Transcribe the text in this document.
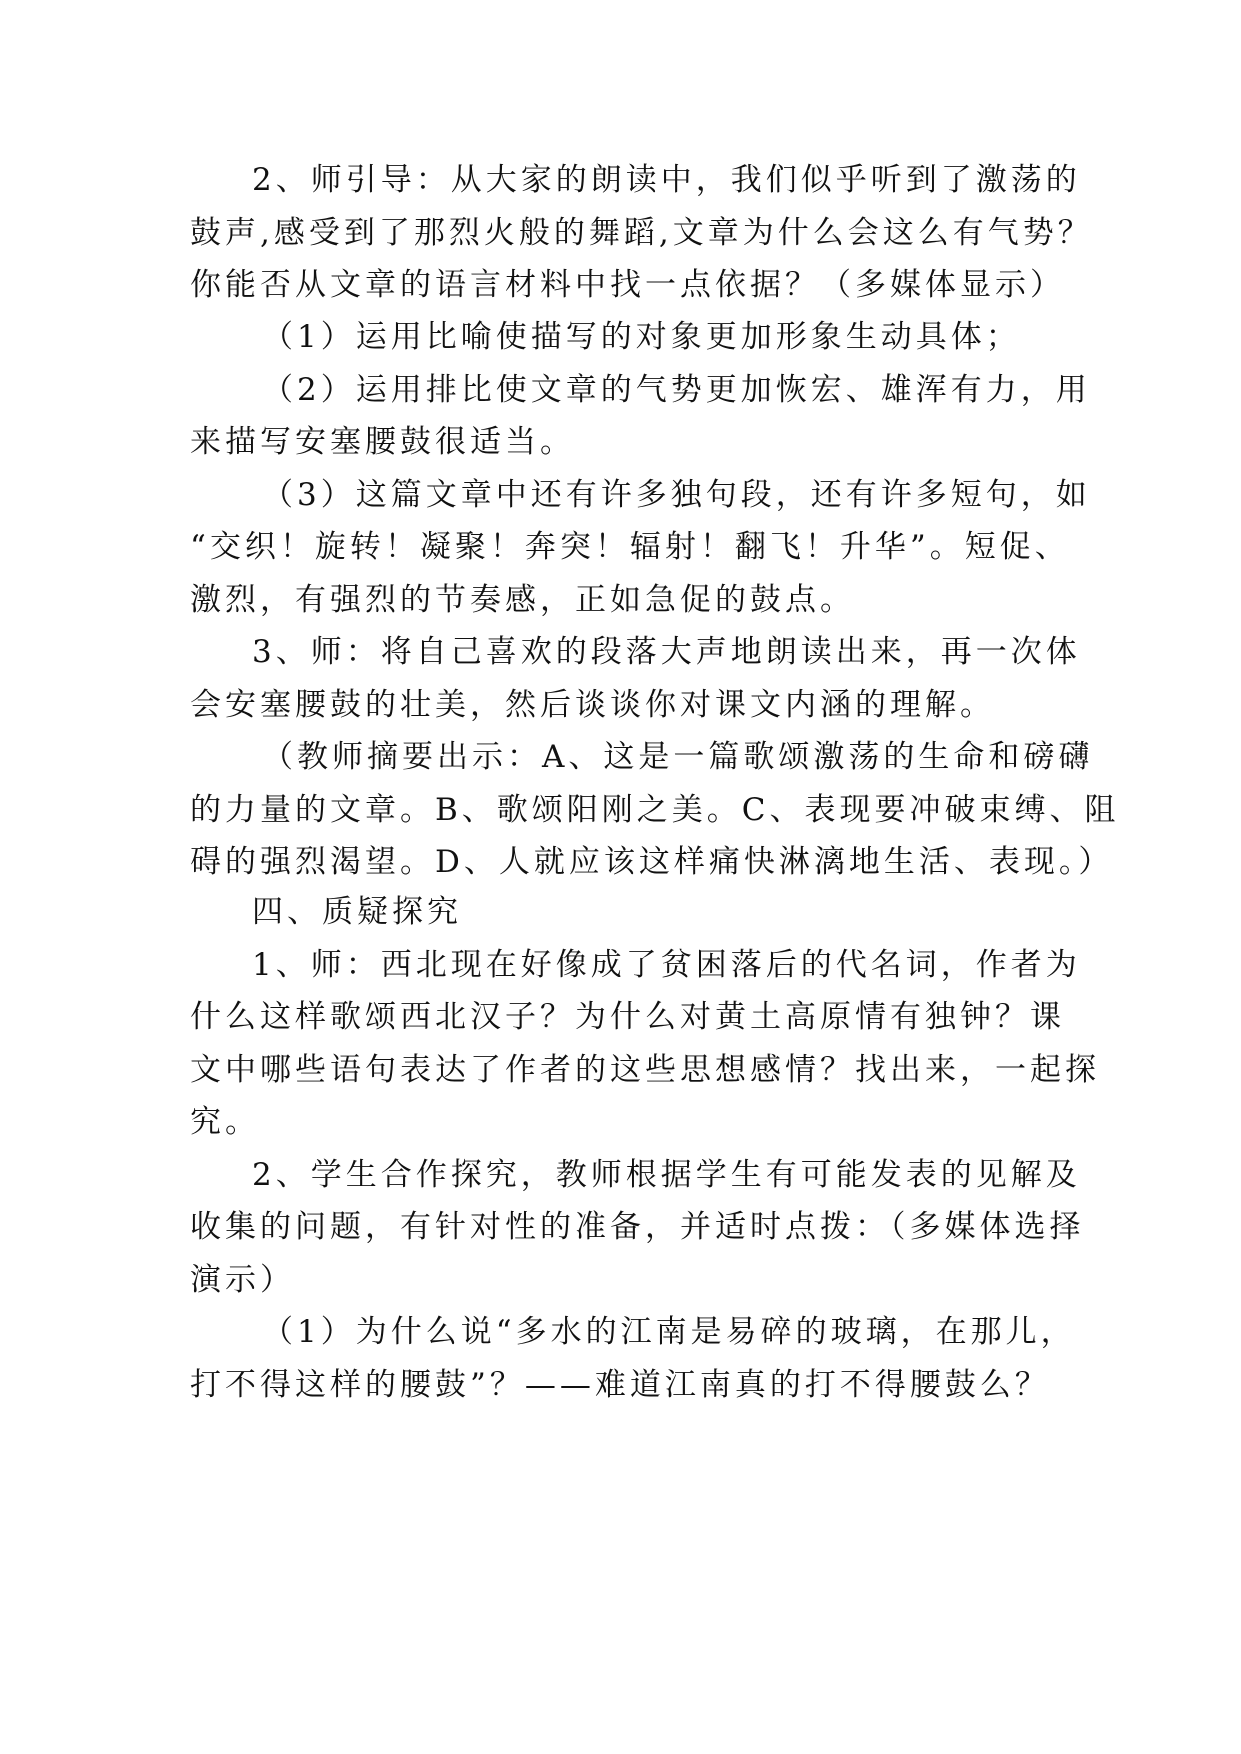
2、师引导：从大家的朗读中，我们似乎听到了激荡的
鼓声,感受到了那烈火般的舞蹈,文章为什么会这么有气势？
你能否从文章的语言材料中找一点依据？（多媒体显示）
（1）运用比喻使描写的对象更加形象生动具体；
（2）运用排比使文章的气势更加恢宏、雄浑有力，用
来描写安塞腰鼓很适当。
（3）这篇文章中还有许多独句段，还有许多短句，如
“交织！旋转！凝聚！奔突！辐射！翻飞！升华”。短促、
激烈，有强烈的节奏感，正如急促的鼓点。
3、师：将自己喜欢的段落大声地朗读出来，再一次体
会安塞腰鼓的壮美，然后谈谈你对课文内涵的理解。
（教师摘要出示：A、这是一篇歌颂激荡的生命和磅礴
的力量的文章。B、歌颂阳刚之美。C、表现要冲破束缚、阻
碍的强烈渴望。D、人就应该这样痛快淋漓地生活、表现。）
四、质疑探究
1、师：西北现在好像成了贫困落后的代名词，作者为
什么这样歌颂西北汉子？为什么对黄土高原情有独钟？课
文中哪些语句表达了作者的这些思想感情？找出来，一起探
究。
2、学生合作探究，教师根据学生有可能发表的见解及
收集的问题，有针对性的准备，并适时点拨：（多媒体选择
演示）
（1）为什么说“多水的江南是易碎的玻璃，在那儿，
打不得这样的腰鼓”？——难道江南真的打不得腰鼓么？
